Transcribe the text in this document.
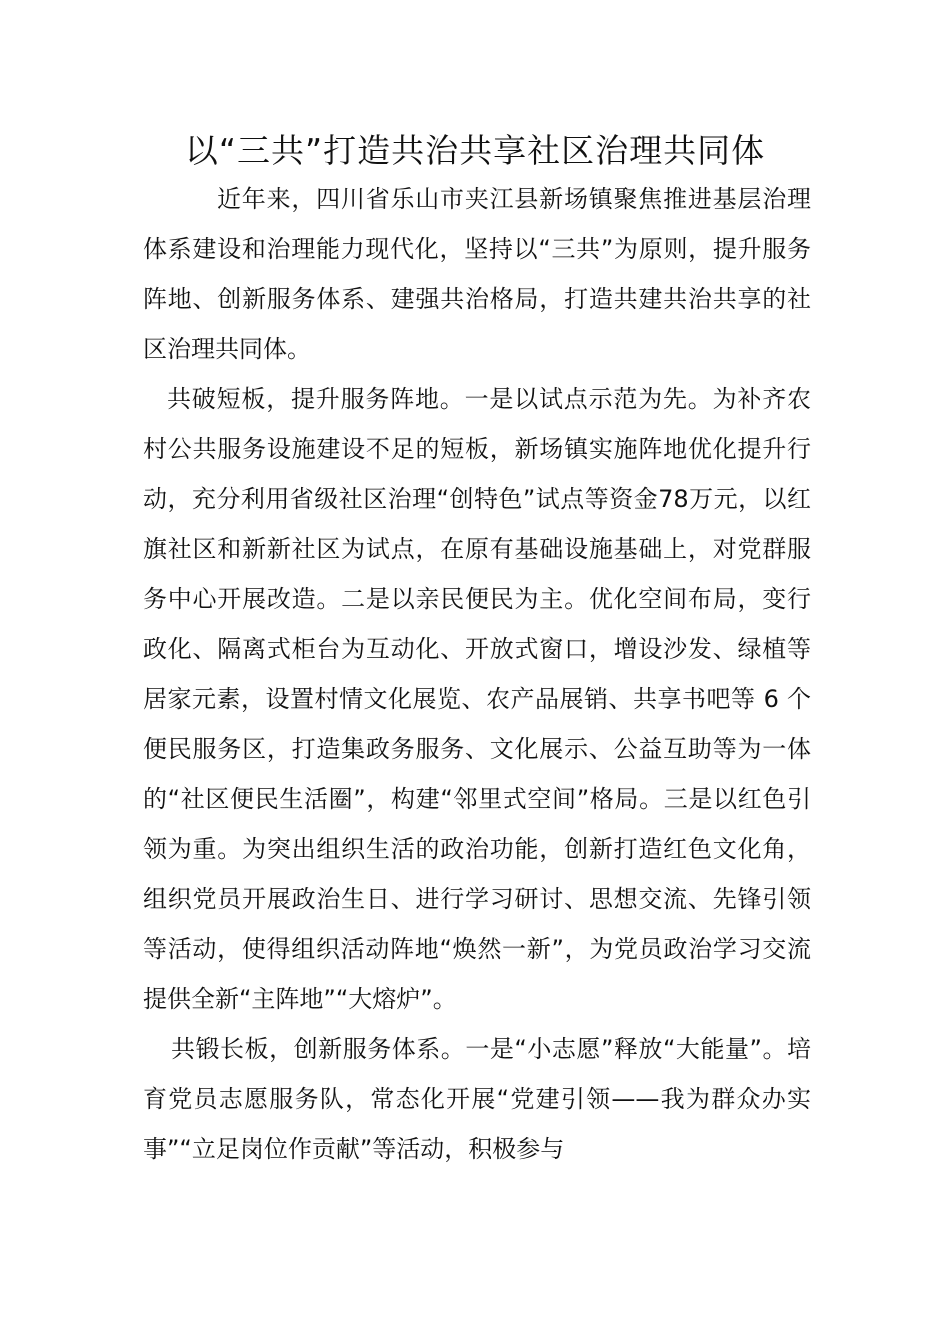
以“三共”打造共治共享社区治理共同体

近年来，四川省乐山市夹江县新场镇聚焦推进基层治理体系建设和治理能力现代化，坚持以“三共”为原则，提升服务阵地、创新服务体系、建强共治格局，打造共建共治共享的社区治理共同体。

共破短板，提升服务阵地。一是以试点示范为先。为补齐农村公共服务设施建设不足的短板，新场镇实施阵地优化提升行动，充分利用省级社区治理“创特色”试点等资金78万元，以红旗社区和新新社区为试点，在原有基础设施基础上，对党群服务中心开展改造。二是以亲民便民为主。优化空间布局，变行政化、隔离式柜台为互动化、开放式窗口，增设沙发、绿植等居家元素，设置村情文化展览、农产品展销、共享书吧等 6 个便民服务区，打造集政务服务、文化展示、公益互助等为一体的“社区便民生活圈”，构建“邻里式空间”格局。三是以红色引领为重。为突出组织生活的政治功能，创新打造红色文化角，组织党员开展政治生日、进行学习研讨、思想交流、先锋引领等活动，使得组织活动阵地“焕然一新”，为党员政治学习交流提供全新“主阵地”“大熔炉”。

共锻长板，创新服务体系。一是“小志愿”释放“大能量”。培育党员志愿服务队，常态化开展“党建引领——我为群众办实事”“立足岗位作贡献”等活动，积极参与
